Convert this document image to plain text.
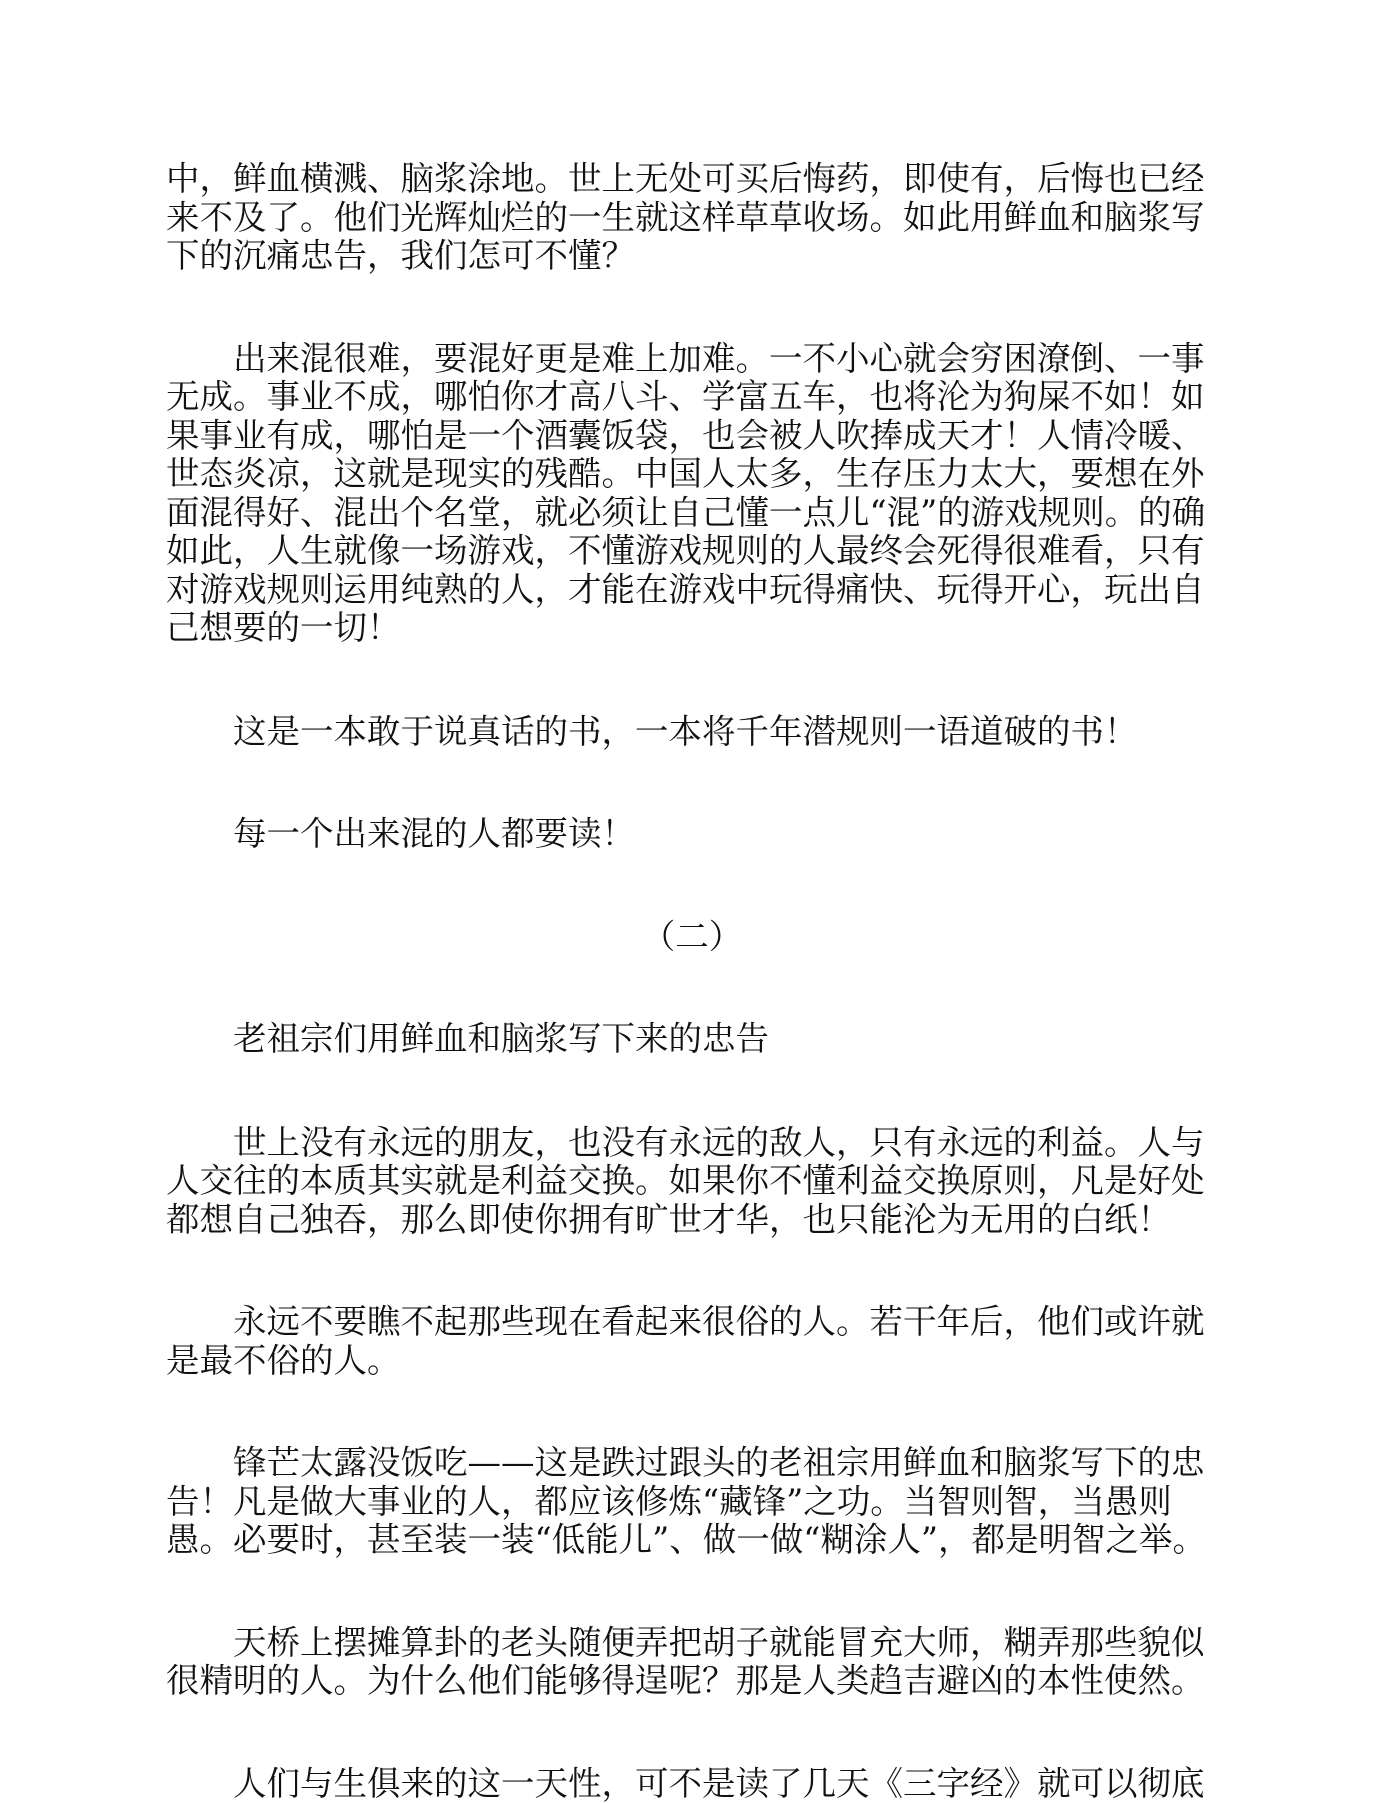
中，鲜血横溅、脑浆涂地。世上无处可买后悔药，即使有，后悔也已经
来不及了。他们光辉灿烂的一生就这样草草收场。如此用鲜血和脑浆写
下的沉痛忠告，我们怎可不懂？

　　出来混很难，要混好更是难上加难。一不小心就会穷困潦倒、一事
无成。事业不成，哪怕你才高八斗、学富五车，也将沦为狗屎不如！如
果事业有成，哪怕是一个酒囊饭袋，也会被人吹捧成天才！人情冷暖、
世态炎凉，这就是现实的残酷。中国人太多，生存压力太大，要想在外
面混得好、混出个名堂，就必须让自己懂一点儿“混”的游戏规则。的确
如此，人生就像一场游戏，不懂游戏规则的人最终会死得很难看，只有
对游戏规则运用纯熟的人，才能在游戏中玩得痛快、玩得开心，玩出自
己想要的一切！

　　这是一本敢于说真话的书，一本将千年潜规则一语道破的书！

　　每一个出来混的人都要读！

（二）

　　老祖宗们用鲜血和脑浆写下来的忠告

　　世上没有永远的朋友，也没有永远的敌人，只有永远的利益。人与
人交往的本质其实就是利益交换。如果你不懂利益交换原则，凡是好处
都想自己独吞，那么即使你拥有旷世才华，也只能沦为无用的白纸！

　　永远不要瞧不起那些现在看起来很俗的人。若干年后，他们或许就
是最不俗的人。

　　锋芒太露没饭吃——这是跌过跟头的老祖宗用鲜血和脑浆写下的忠
告！凡是做大事业的人，都应该修炼“藏锋”之功。当智则智，当愚则
愚。必要时，甚至装一装“低能儿”、做一做“糊涂人”，都是明智之举。

　　天桥上摆摊算卦的老头随便弄把胡子就能冒充大师，糊弄那些貌似
很精明的人。为什么他们能够得逞呢？那是人类趋吉避凶的本性使然。

　　人们与生俱来的这一天性，可不是读了几天《三字经》就可以彻底
